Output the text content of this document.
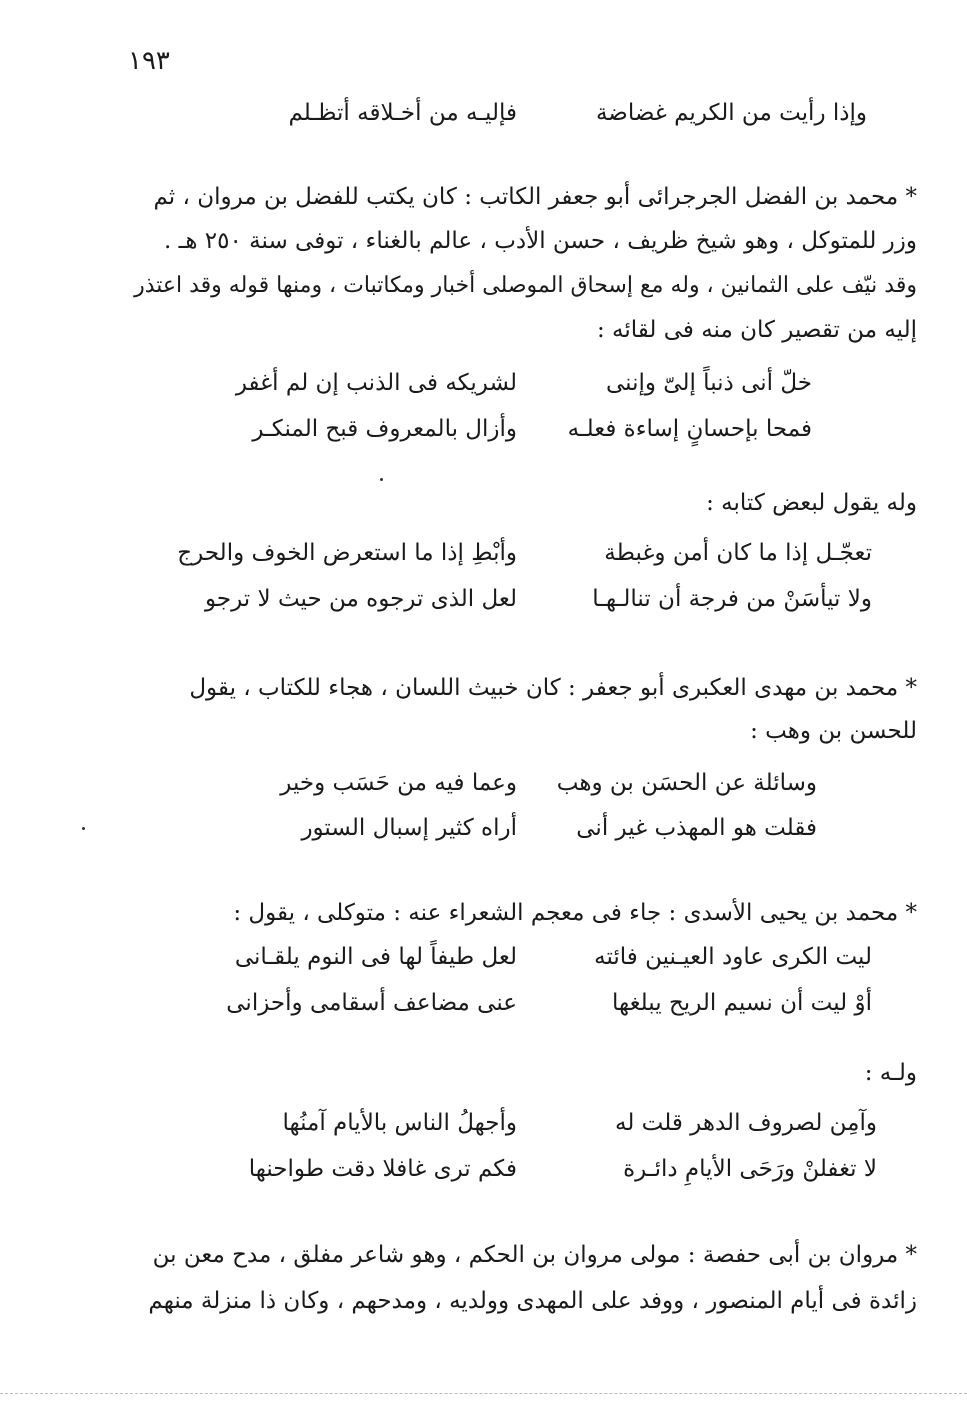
١٩٣
وإذا رأيت من الكريم غضاضة
فإليـه من أخـلاقه أتظـلم
* محمد بن الفضل الجرجرائى أبو جعفر الكاتب : كان يكتب للفضل بن مروان ، ثم
وزر للمتوكل ، وهو شيخ ظريف ، حسن الأدب ، عالم بالغناء ، توفى سنة ٢٥٠ هـ .
وقد نيّف على الثمانين ، وله مع إسحاق الموصلى أخبار ومكاتبات ، ومنها قوله وقد اعتذر
إليه من تقصير كان منه فى لقائه :
خلّ أنى ذنباً إلىّ وإننى
لشريكه فى الذنب إن لم أغفر
فمحا بإحسانٍ إساءة فعلـه
وأزال بالمعروف قبح المنكـر
وله يقول لبعض كتابه :
تعجّـل إذا ما كان أمن وغبطة
وأبْطِ إذا ما استعرض الخوف والحرج
ولا تيأسَنْ من فرجة أن تنالـهـا
لعل الذى ترجوه من حيث لا ترجو
* محمد بن مهدى العكبرى أبو جعفر : كان خبيث اللسان ، هجاء للكتاب ، يقول
للحسن بن وهب :
وسائلة عن الحسَن بن وهب
وعما فيه من حَسَب وخير
فقلت هو المهذب غير أنى
أراه كثير إسبال الستور
* محمد بن يحيى الأسدى : جاء فى معجم الشعراء عنه : متوكلى ، يقول :
ليت الكرى عاود العيـنين فائته
لعل طيفاً لها فى النوم يلقـانى
أوْ ليت أن نسيم الريح يبلغها
عنى مضاعف أسقامى وأحزانى
ولـه :
وآمِن لصروف الدهر قلت له
وأجهلُ الناس بالأيام آمنُها
لا تغفلنْ ورَحَى الأيامِ دائـرة
فكم ترى غافلا دقت طواحنها
* مروان بن أبى حفصة : مولى مروان بن الحكم ، وهو شاعر مفلق ، مدح معن بن
زائدة فى أيام المنصور ، ووفد على المهدى وولديه ، ومدحهم ، وكان ذا منزلة منهم
